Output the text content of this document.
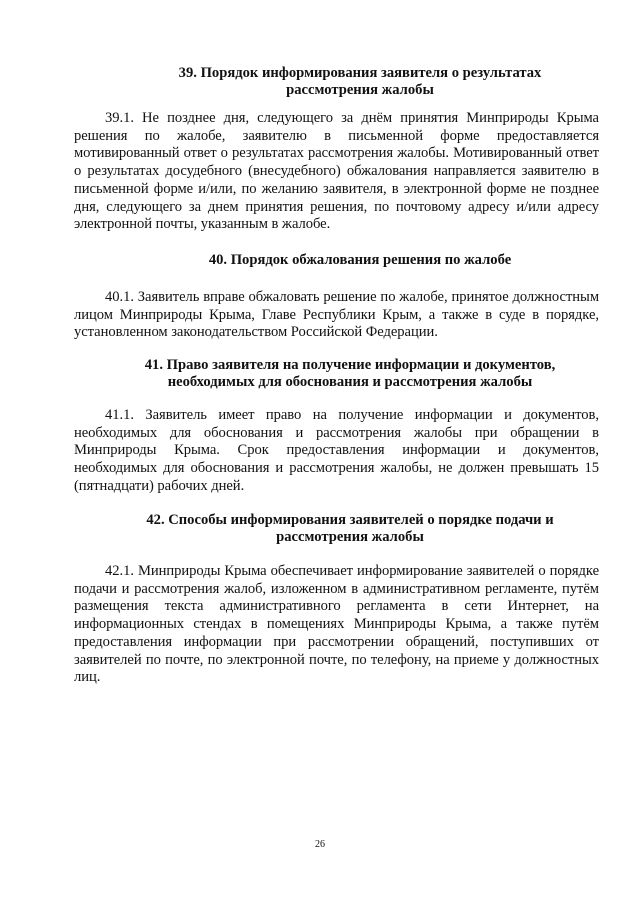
39. Порядок информирования заявителя о результатах
рассмотрения жалобы

39.1. Не позднее дня, следующего за днём принятия Минприроды Крыма решения по жалобе, заявителю в письменной форме предоставляется мотивированный ответ о результатах рассмотрения жалобы. Мотивированный ответ о результатах досудебного (внесудебного) обжалования направляется заявителю в письменной форме и/или, по желанию заявителя, в электронной форме не позднее дня, следующего за днем принятия решения, по почтовому адресу и/или адресу электронной почты, указанным в жалобе.

40. Порядок обжалования решения по жалобе

40.1. Заявитель вправе обжаловать решение по жалобе, принятое должностным лицом Минприроды Крыма, Главе Республики Крым, а также в суде в порядке, установленном законодательством Российской Федерации.

41. Право заявителя на получение информации и документов,
необходимых для обоснования и рассмотрения жалобы

41.1. Заявитель имеет право на получение информации и документов, необходимых для обоснования и рассмотрения жалобы при обращении в Минприроды Крыма. Срок предоставления информации и документов, необходимых для обоснования и рассмотрения жалобы, не должен превышать 15 (пятнадцати) рабочих дней.

42. Способы информирования заявителей о порядке подачи и
рассмотрения жалобы

42.1. Минприроды Крыма обеспечивает информирование заявителей о порядке подачи и рассмотрения жалоб, изложенном в административном регламенте, путём размещения текста административного регламента в сети Интернет, на информационных стендах в помещениях Минприроды Крыма, а также путём предоставления информации при рассмотрении обращений, поступивших от заявителей по почте, по электронной почте, по телефону, на приеме у должностных лиц.

26
